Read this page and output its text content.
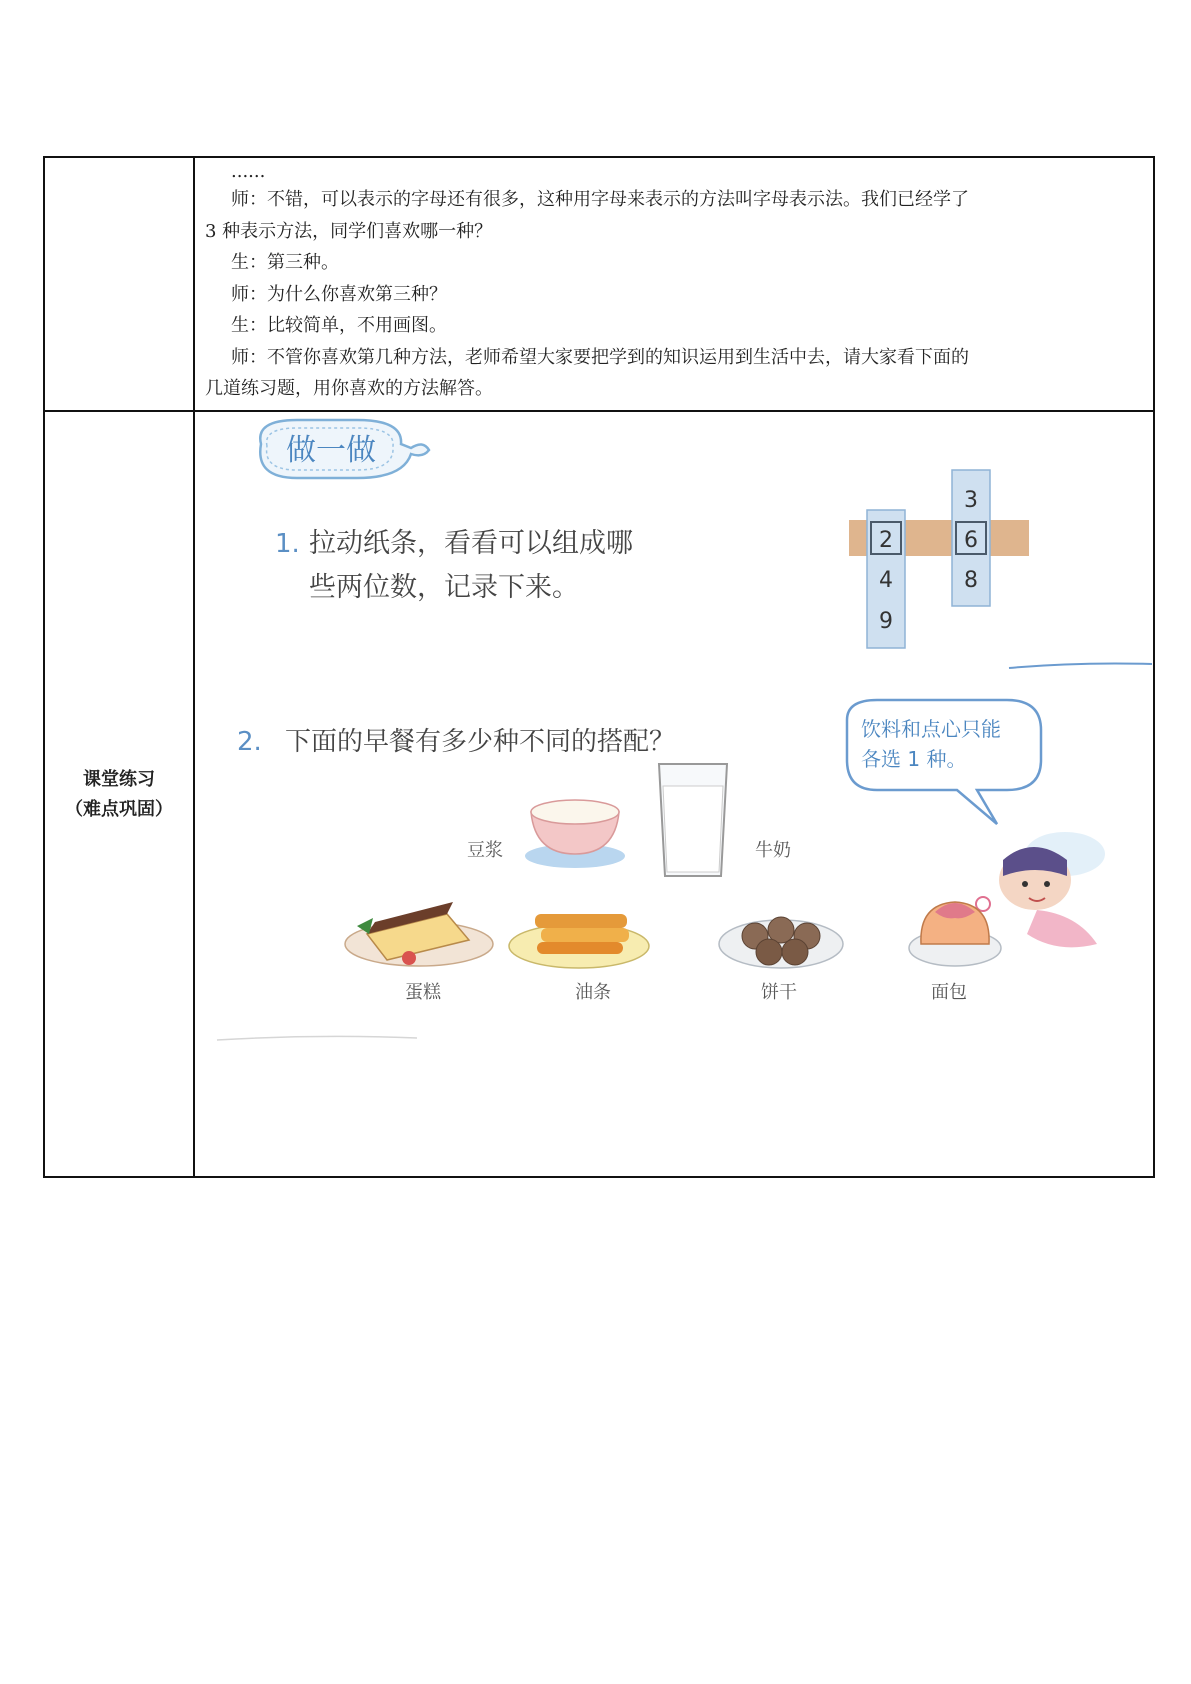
......

师：不错，可以表示的字母还有很多，这种用字母来表示的方法叫字母表示法。我们已经学了

3 种表示方法，同学们喜欢哪一种？

生：第三种。

师：为什么你喜欢第三种？

生：比较简单，不用画图。

师：不管你喜欢第几种方法，老师希望大家要把学到的知识运用到生活中去，请大家看下面的

几道练习题，用你喜欢的方法解答。

课堂练习
（难点巩固）
做一做
1. 拉动纸条，看看可以组成哪
些两位数，记录下来。
2
4
9
3
6
8
2. 下面的早餐有多少种不同的搭配？	饮料和点心只能
各选 1 种。
豆浆	牛奶
蛋糕	油条	饼干	面包
